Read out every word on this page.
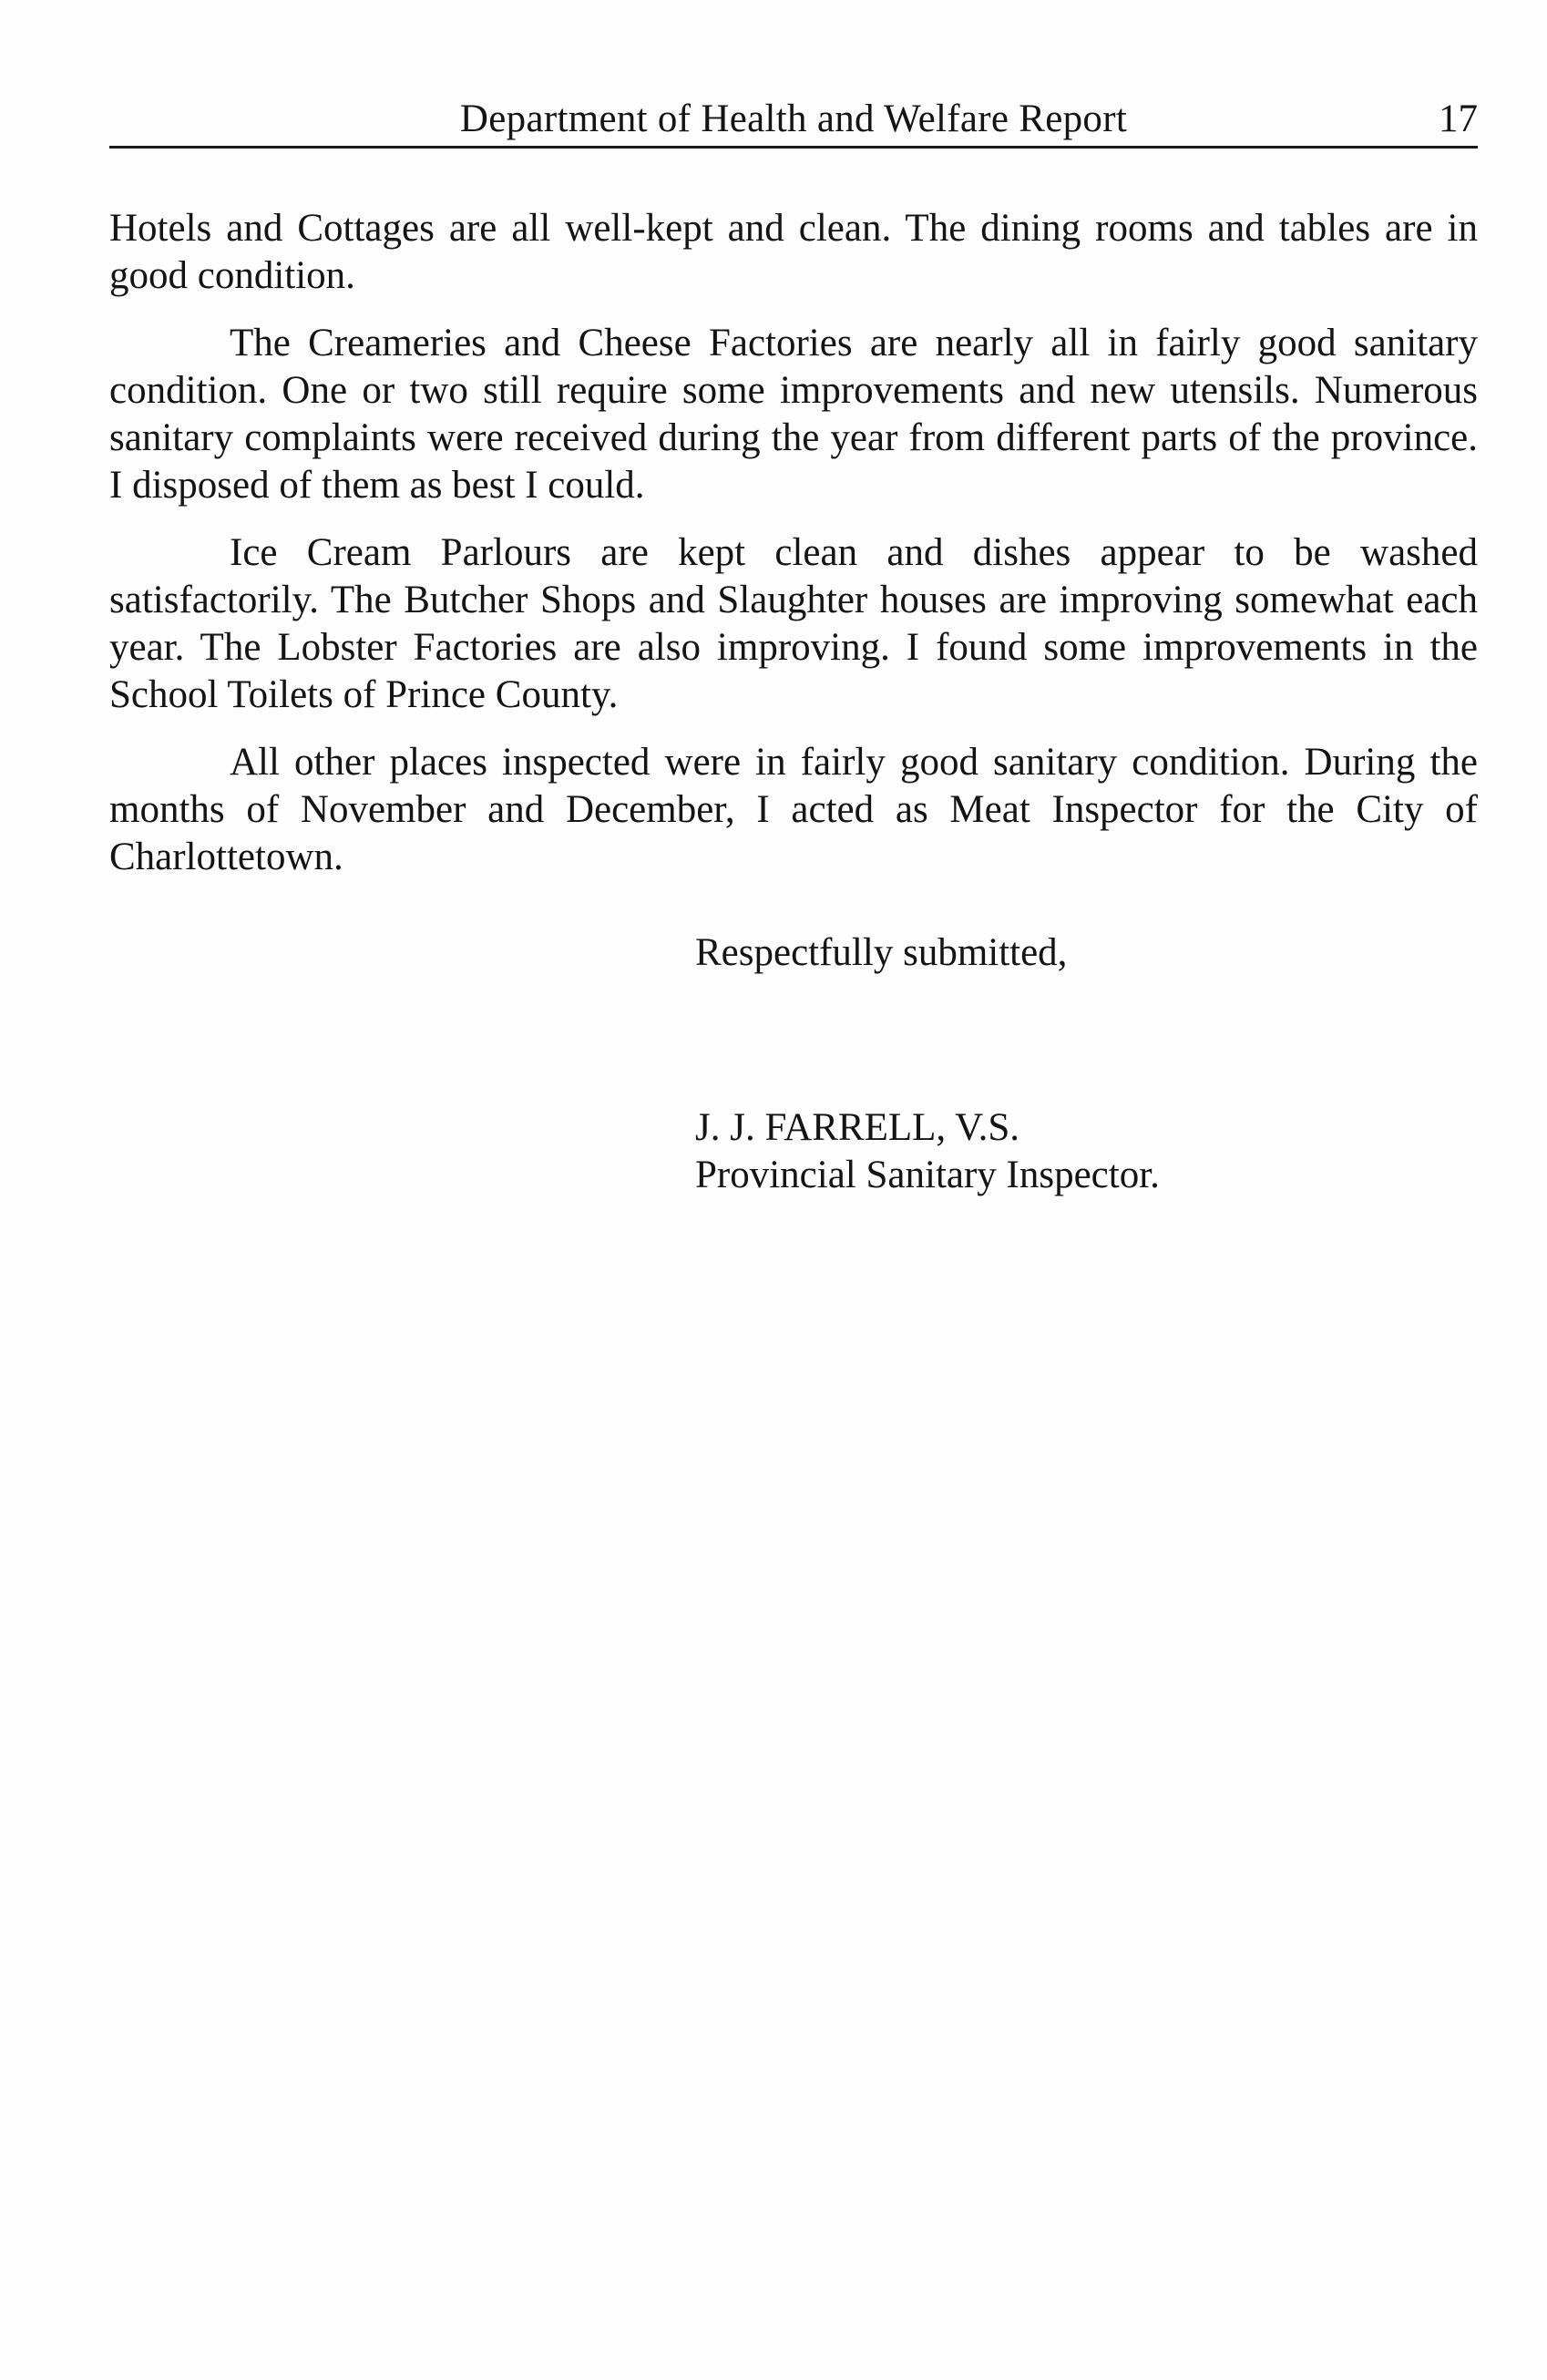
Department of Health and Welfare Report	17

Hotels and Cottages are all well-kept and clean. The dining rooms and tables are in good condition.

The Creameries and Cheese Factories are nearly all in fairly good sanitary condition. One or two still require some improvements and new utensils. Numerous sanitary complaints were received during the year from different parts of the province. I disposed of them as best I could.

Ice Cream Parlours are kept clean and dishes appear to be washed satisfactorily. The Butcher Shops and Slaughter houses are improving somewhat each year. The Lobster Factories are also improving. I found some improvements in the School Toilets of Prince County.

All other places inspected were in fairly good sanitary condition. During the months of November and December, I acted as Meat Inspector for the City of Charlottetown.

Respectfully submitted,
J. J. FARRELL, V.S.
Provincial Sanitary Inspector.
